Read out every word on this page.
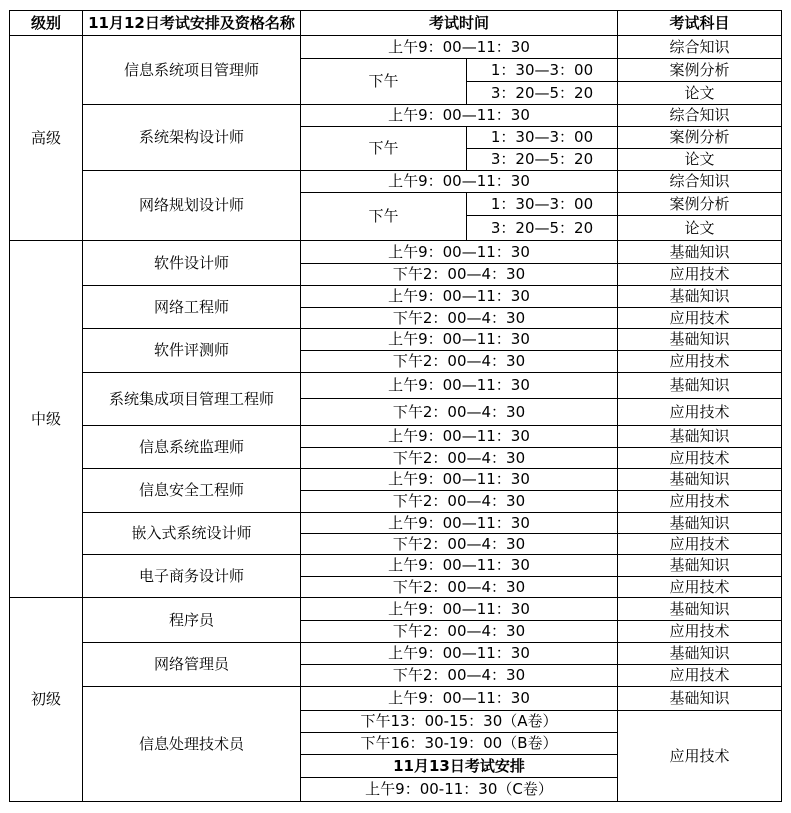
级别	11月12日考试安排及资格名称	考试时间		考试科目
高级	信息系统项目管理师	上午9：00—11：30		综合知识
		下午	1：30—3：00	案例分析
			3：20—5：20	论文
	系统架构设计师	上午9：00—11：30		综合知识
		下午	1：30—3：00	案例分析
			3：20—5：20	论文
	网络规划设计师	上午9：00—11：30		综合知识
		下午	1：30—3：00	案例分析
			3：20—5：20	论文
中级	软件设计师	上午9：00—11：30		基础知识
		下午2：00—4：30		应用技术
	网络工程师	上午9：00—11：30		基础知识
		下午2：00—4：30		应用技术
	软件评测师	上午9：00—11：30		基础知识
		下午2：00—4：30		应用技术
	系统集成项目管理工程师	上午9：00—11：30		基础知识
		下午2：00—4：30		应用技术
	信息系统监理师	上午9：00—11：30		基础知识
		下午2：00—4：30		应用技术
	信息安全工程师	上午9：00—11：30		基础知识
		下午2：00—4：30		应用技术
	嵌入式系统设计师	上午9：00—11：30		基础知识
		下午2：00—4：30		应用技术
	电子商务设计师	上午9：00—11：30		基础知识
		下午2：00—4：30		应用技术
初级	程序员	上午9：00—11：30		基础知识
		下午2：00—4：30		应用技术
	网络管理员	上午9：00—11：30		基础知识
		下午2：00—4：30		应用技术
	信息处理技术员	上午9：00—11：30		基础知识
		下午13：00-15：30（A卷）		应用技术
		下午16：30-19：00（B卷）		
		11月13日考试安排		
		上午9：00-11：30（C卷）		
